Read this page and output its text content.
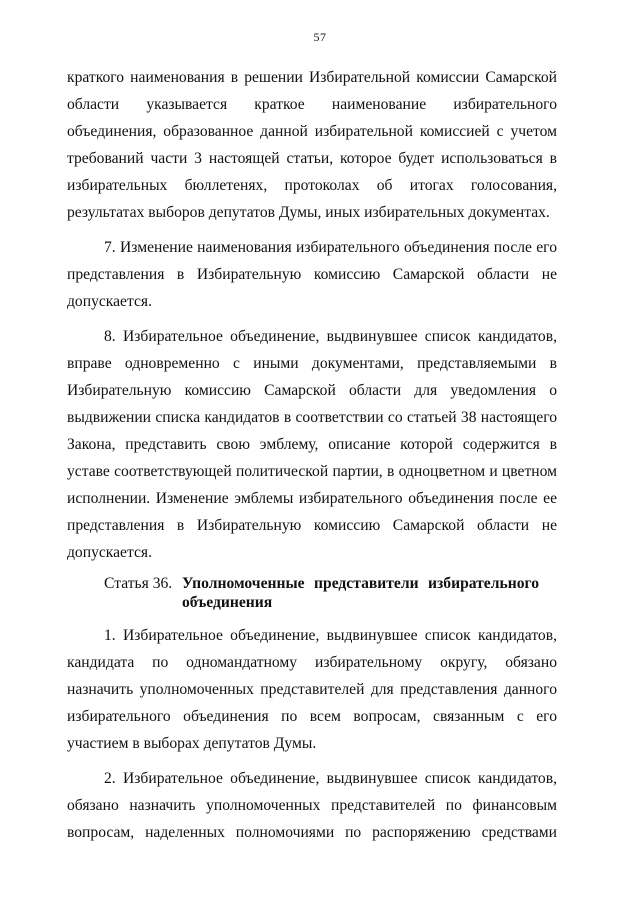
57

краткого наименования в решении Избирательной комиссии Самарской области указывается краткое наименование избирательного объединения, образованное данной избирательной комиссией с учетом требований части 3 настоящей статьи, которое будет использоваться в избирательных бюллетенях, протоколах об итогах голосования, результатах выборов депутатов Думы, иных избирательных документах.

7. Изменение наименования избирательного объединения после его представления в Избирательную комиссию Самарской области не допускается.

8. Избирательное объединение, выдвинувшее список кандидатов, вправе одновременно с иными документами, представляемыми в Избирательную комиссию Самарской области для уведомления о выдвижении списка кандидатов в соответствии со статьей 38 настоящего Закона, представить свою эмблему, описание которой содержится в уставе соответствующей политической партии, в одноцветном и цветном исполнении. Изменение эмблемы избирательного объединения после ее представления в Избирательную комиссию Самарской области не допускается.

Статья 36. Уполномоченные представители избирательного объединения

1. Избирательное объединение, выдвинувшее список кандидатов, кандидата по одномандатному избирательному округу, обязано назначить уполномоченных представителей для представления данного избирательного объединения по всем вопросам, связанным с его участием в выборах депутатов Думы.

2. Избирательное объединение, выдвинувшее список кандидатов, обязано назначить уполномоченных представителей по финансовым вопросам, наделенных полномочиями по распоряжению средствами
